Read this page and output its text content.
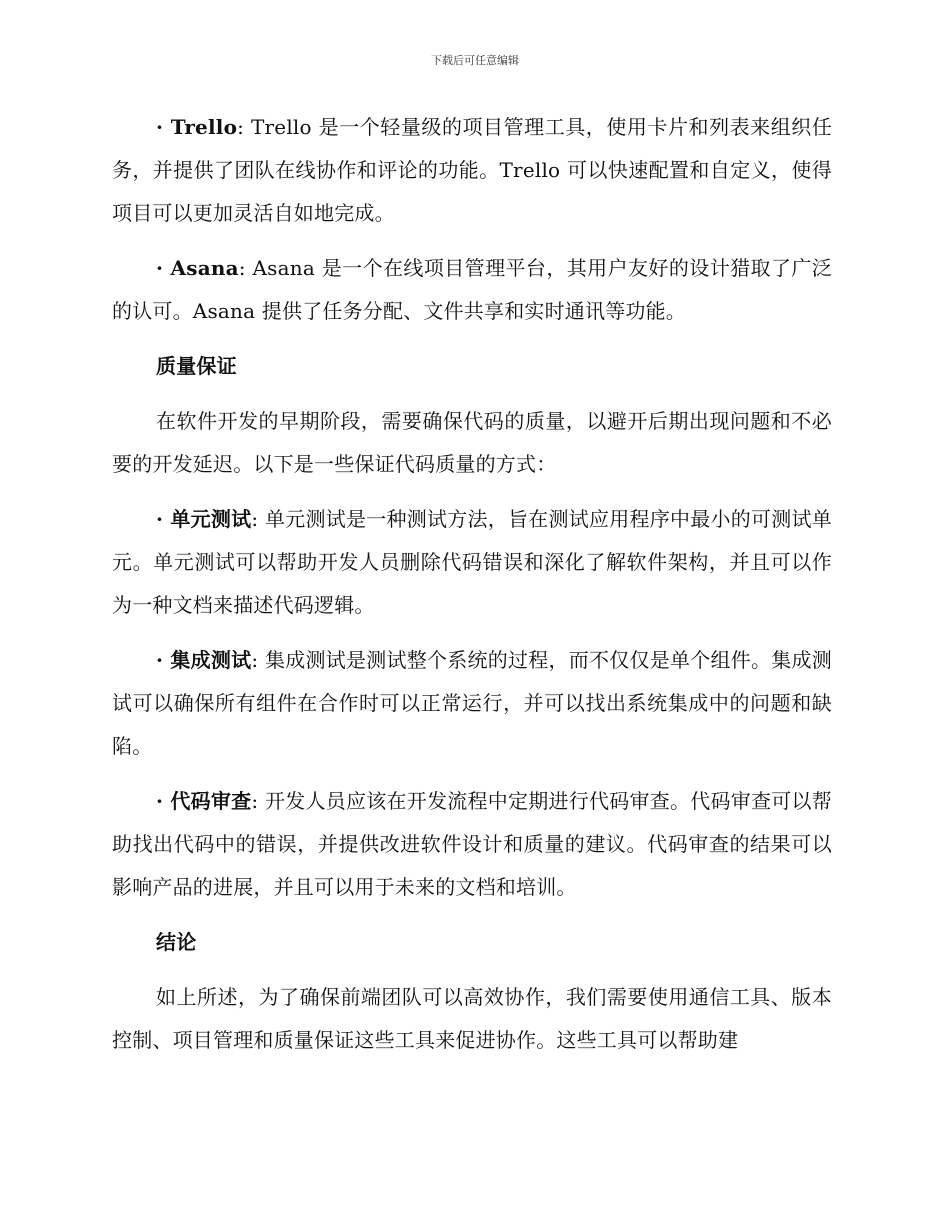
下载后可任意编辑

· Trello: Trello 是一个轻量级的项目管理工具，使用卡片和列表来组织任务，并提供了团队在线协作和评论的功能。Trello 可以快速配置和自定义，使得项目可以更加灵活自如地完成。

· Asana: Asana 是一个在线项目管理平台，其用户友好的设计猎取了广泛的认可。Asana 提供了任务分配、文件共享和实时通讯等功能。

质量保证

在软件开发的早期阶段，需要确保代码的质量，以避开后期出现问题和不必要的开发延迟。以下是一些保证代码质量的方式：

· 单元测试: 单元测试是一种测试方法，旨在测试应用程序中最小的可测试单元。单元测试可以帮助开发人员删除代码错误和深化了解软件架构，并且可以作为一种文档来描述代码逻辑。

· 集成测试: 集成测试是测试整个系统的过程，而不仅仅是单个组件。集成测试可以确保所有组件在合作时可以正常运行，并可以找出系统集成中的问题和缺陷。

· 代码审查: 开发人员应该在开发流程中定期进行代码审查。代码审查可以帮助找出代码中的错误，并提供改进软件设计和质量的建议。代码审查的结果可以影响产品的进展，并且可以用于未来的文档和培训。

结论

如上所述，为了确保前端团队可以高效协作，我们需要使用通信工具、版本控制、项目管理和质量保证这些工具来促进协作。这些工具可以帮助建
